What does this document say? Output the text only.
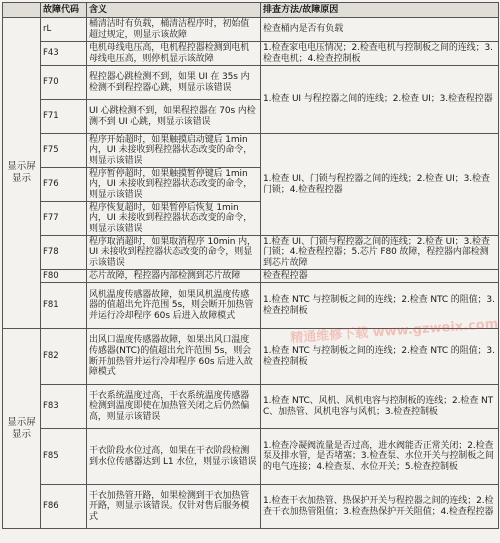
	故障代码	含义	排查方法/故障原因
显示屏显示	rL	桶清洁时有负载，桶清洁程序时，初始值超过规定，则显示该故障	检查桶内是否有负载
	F43	电机母线电压高，电机程控器检测到电机母线电压高，则停机显示该故障	1.检查家电电压情况；2.检查电机与控制板之间的连线；3.检查电机；4.检查控制板
	F70	程控器心跳检测不到，如果 UI 在 35s 内检测不到程控器心跳，则显示该错误	1.检查 UI 与程控器之间的连线；2.检查 UI；3.检查程控器
	F71	UI 心跳检测不到，如果程控器在 70s 内检测不到 UI 心跳，则显示该错误	
	F75	程序开始超时，如果触摸启动键后 1min 内，UI 未接收到程控器状态改变的命令，则显示该错误	1.检查 UI、门锁与程控器之间的连线；2.检查 UI；3.检查门锁；4.检查程控器
	F76	程序暂停超时，如果触摸暂停键后 1min 内，UI 未接收到程控器状态改变的命令，则显示该错误	
	F77	程序恢复超时，如果暂停后恢复 1min 内，UI 未接收到程控器状态改变的命令，则显示该错误	
	F78	程序取消超时，如果取消程序 10min 内，UI 未接收到程控器状态改变的命令，则显示该错误	1.检查 UI、门锁与程控器之间的连线；2.检查 UI；3.检查门锁；4.检查程控器；5.芯片 F80 故障，程控器内部检测到芯片故障
	F80	芯片故障，程控器内部检测到芯片故障	检查程控器
	F81	风机温度传感器故障，如果风机温度传感器的值超出允许范围 5s，则会断开加热管并运行冷却程序 60s 后进入故障模式	1.检查 NTC 与控制板之间的连线；2.检查 NTC 的阻值；3.检查控制板
显示屏显示	F82	出风口温度传感器故障，如果出风口温度传感器(NTC)的值超出允许范围 5s，则会断开加热管并运行冷却程序 60s 后进入故障模式	1.检查 NTC 与控制板之间的连线；2.检查 NTC 的阻值；3.检查控制板
	F83	干衣系统温度过高，干衣系统温度传感器检测到温度即使在加热管关闭之后仍然偏高，则显示该错误	1.检查 NTC、风机、风机电容与控制板的连线；2.检查 NTC、加热管、风机电容与风机；3.检查控制板
	F85	干衣阶段水位过高，如果在干衣阶段检测到水位传感器达到 L1 水位，则显示该错误	1.检查冷凝阀流量是否过高，进水阀能否正常关闭；2.检查泵及排水管，是否堵塞；3.检查泵、水位开关与控制板之间的电气连接；4.检查泵、水位开关；5.检查控制板
	F86	干衣加热管开路，如果检测到干衣加热管开路，则显示该错误。仅针对售后服务模式	1.检查干衣加热管、热保护开关与程控器之间的连线；2.检查干衣加热管阻值；3.检查热保护开关阻值；4.检查程控器
精通维修下载 www.gzweix.com
